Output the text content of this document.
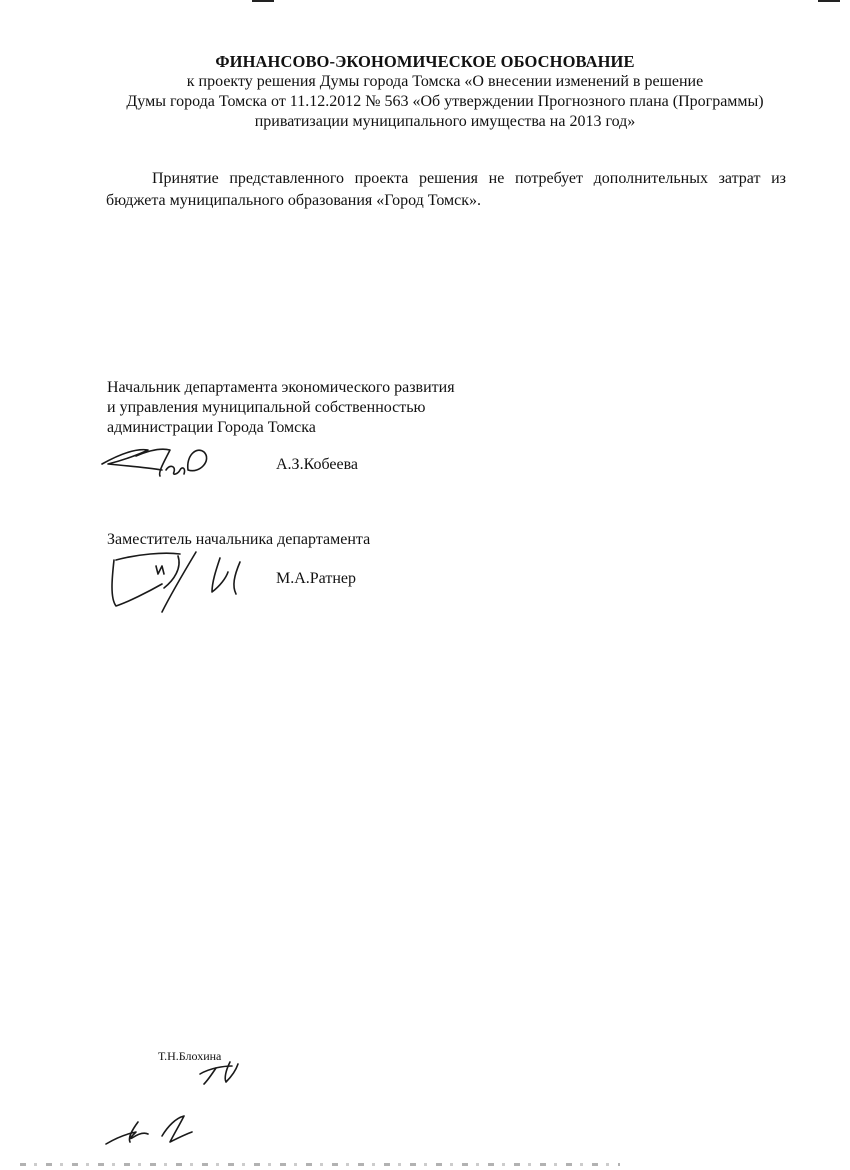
ФИНАНСОВО-ЭКОНОМИЧЕСКОЕ ОБОСНОВАНИЕ
к проекту решения Думы города Томска «О внесении изменений в решение
Думы города Томска от 11.12.2012 № 563 «Об утверждении Прогнозного плана (Программы)
приватизации муниципального имущества на 2013 год»
Принятие представленного проекта решения не потребует дополнительных затрат из бюджета муниципального образования «Город Томск».
Начальник департамента экономического развития
и управления муниципальной собственностью
администрации Города Томска
А.З.Кобеева
Заместитель начальника департамента
М.А.Ратнер
Т.Н.Блохина
